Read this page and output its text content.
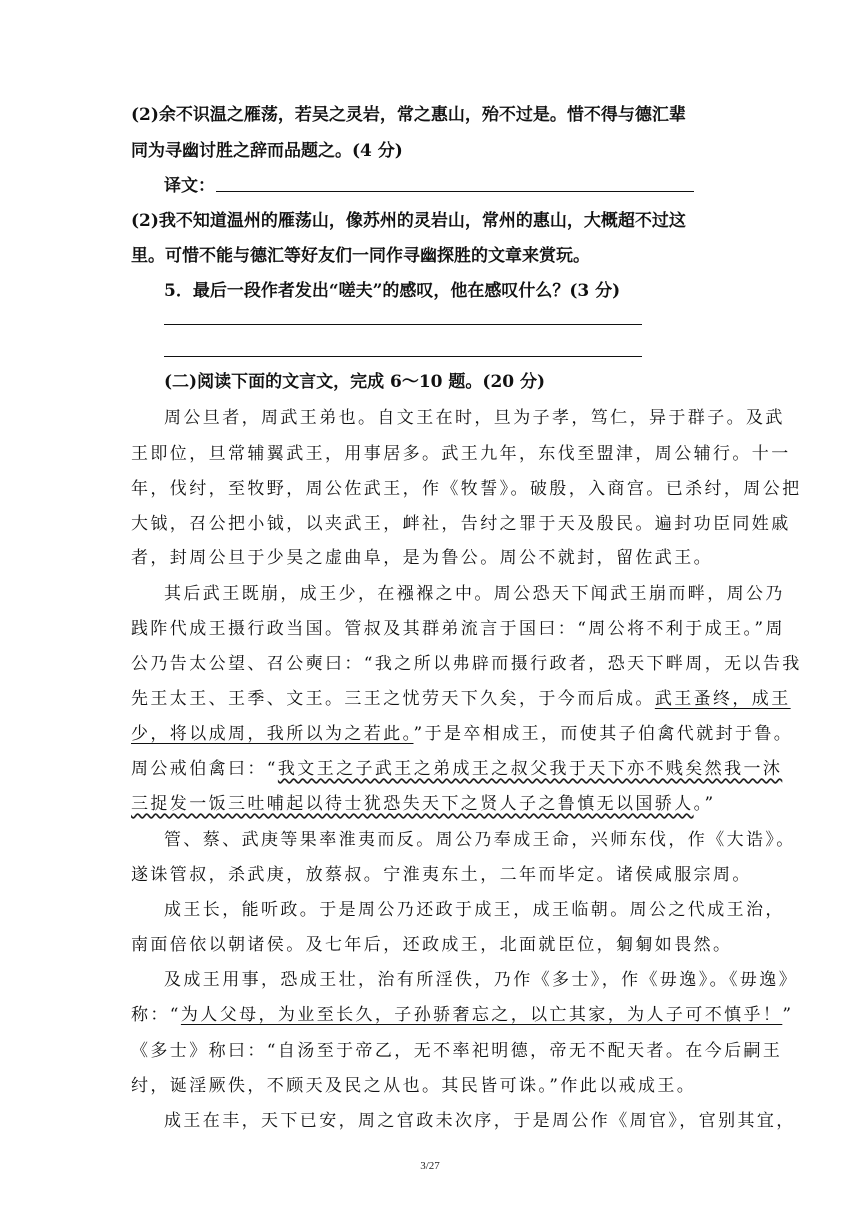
(2)余不识温之雁荡，若吴之灵岩，常之惠山，殆不过是。惜不得与德汇辈
同为寻幽讨胜之辞而品题之。(4 分)
译文：
(2)我不知道温州的雁荡山，像苏州的灵岩山，常州的惠山，大概超不过这
里。可惜不能与德汇等好友们一同作寻幽探胜的文章来赏玩。
5．最后一段作者发出“嗟夫”的感叹，他在感叹什么？(3 分)
(二)阅读下面的文言文，完成 6～10 题。(20 分)
周公旦者，周武王弟也。自文王在时，旦为子孝，笃仁，异于群子。及武
王即位，旦常辅翼武王，用事居多。武王九年，东伐至盟津，周公辅行。十一
年，伐纣，至牧野，周公佐武王，作《牧誓》。破殷，入商宫。已杀纣，周公把
大钺，召公把小钺，以夹武王，衅社，告纣之罪于天及殷民。遍封功臣同姓戚
者，封周公旦于少昊之虚曲阜，是为鲁公。周公不就封，留佐武王。
其后武王既崩，成王少，在襁褓之中。周公恐天下闻武王崩而畔，周公乃
践阼代成王摄行政当国。管叔及其群弟流言于国曰：“周公将不利于成王。”周
公乃告太公望、召公奭曰：“我之所以弗辟而摄行政者，恐天下畔周，无以告我
先王太王、王季、文王。三王之忧劳天下久矣，于今而后成。武王蚤终，成王
少，将以成周，我所以为之若此。”于是卒相成王，而使其子伯禽代就封于鲁。
周公戒伯禽曰：“我文王之子武王之弟成王之叔父我于天下亦不贱矣然我一沐
三捉发一饭三吐哺起以待士犹恐失天下之贤人子之鲁慎无以国骄人。”
管、蔡、武庚等果率淮夷而反。周公乃奉成王命，兴师东伐，作《大诰》。
遂诛管叔，杀武庚，放蔡叔。宁淮夷东土，二年而毕定。诸侯咸服宗周。
成王长，能听政。于是周公乃还政于成王，成王临朝。周公之代成王治，
南面倍依以朝诸侯。及七年后，还政成王，北面就臣位，匔匔如畏然。
及成王用事，恐成王壮，治有所淫佚，乃作《多士》，作《毋逸》。《毋逸》
称：“为人父母，为业至长久，子孙骄奢忘之，以亡其家，为人子可不慎乎！”
《多士》称曰：“自汤至于帝乙，无不率祀明德，帝无不配天者。在今后嗣王
纣，诞淫厥佚，不顾天及民之从也。其民皆可诛。”作此以戒成王。
成王在丰，天下已安，周之官政未次序，于是周公作《周官》，官别其宜，
3/27
